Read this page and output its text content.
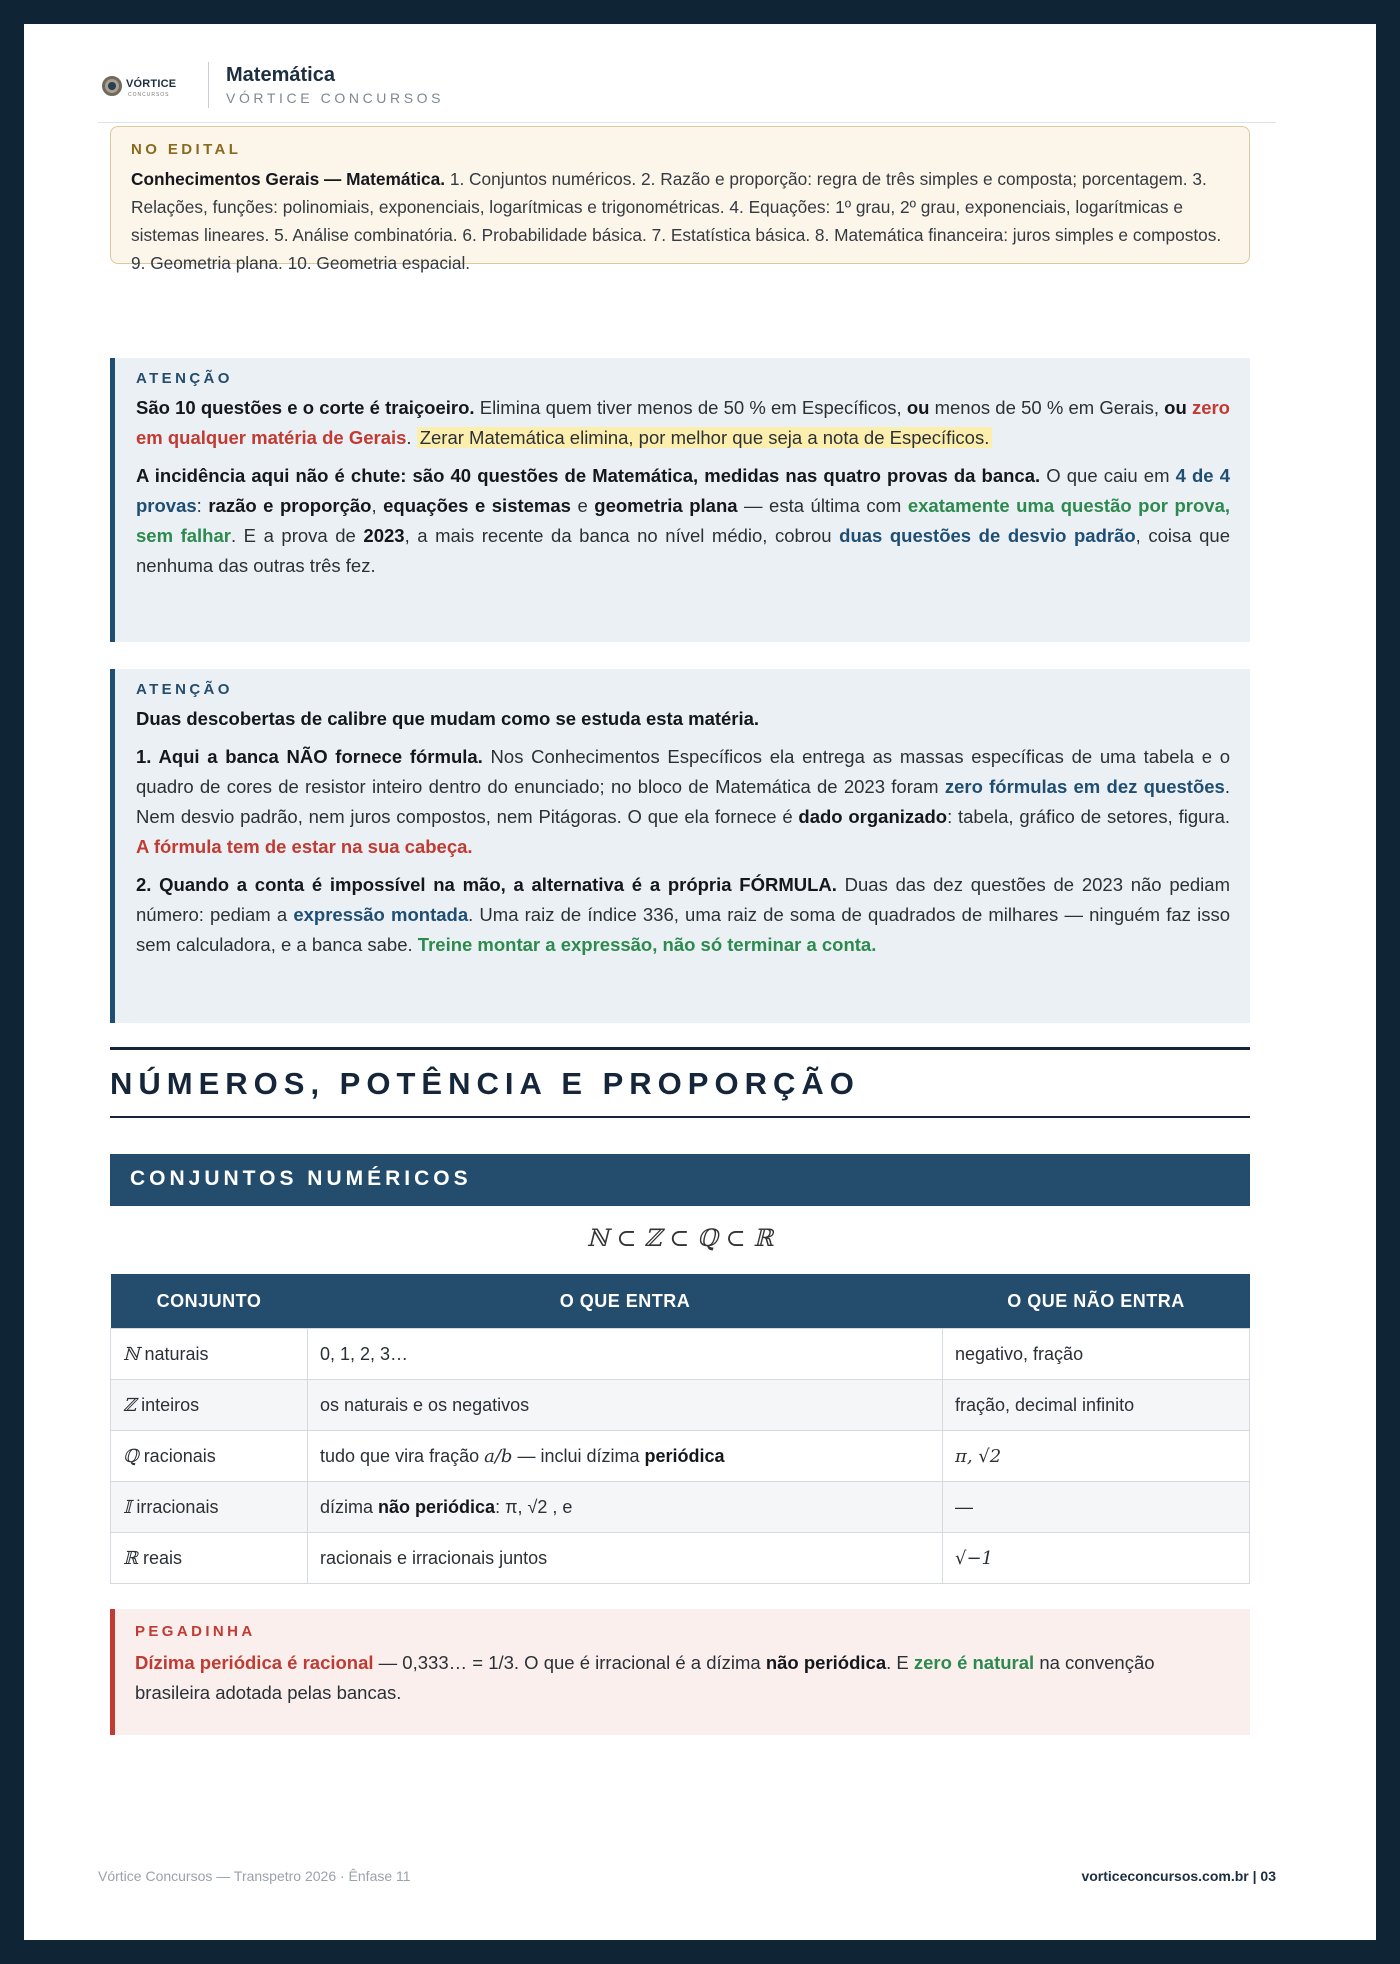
VÓRTICE
CONCURSOS
Matemática
VÓRTICE CONCURSOS
NO EDITAL

Conhecimentos Gerais — Matemática. 1. Conjuntos numéricos. 2. Razão e proporção: regra de três simples e composta; porcentagem. 3. Relações, funções: polinomiais, exponenciais, logarítmicas e trigonométricas. 4. Equações: 1º grau, 2º grau, exponenciais, logarítmicas e sistemas lineares. 5. Análise combinatória. 6. Probabilidade básica. 7. Estatística básica. 8. Matemática financeira: juros simples e compostos. 9. Geometria plana. 10. Geometria espacial.

ATENÇÃO

São 10 questões e o corte é traiçoeiro. Elimina quem tiver menos de 50 % em Específicos, ou menos de 50 % em Gerais, ou zero em qualquer matéria de Gerais. Zerar Matemática elimina, por melhor que seja a nota de Específicos.

A incidência aqui não é chute: são 40 questões de Matemática, medidas nas quatro provas da banca. O que caiu em 4 de 4 provas: razão e proporção, equações e sistemas e geometria plana — esta última com exatamente uma questão por prova, sem falhar. E a prova de 2023, a mais recente da banca no nível médio, cobrou duas questões de desvio padrão, coisa que nenhuma das outras três fez.

ATENÇÃO

Duas descobertas de calibre que mudam como se estuda esta matéria.

1. Aqui a banca NÃO fornece fórmula. Nos Conhecimentos Específicos ela entrega as massas específicas de uma tabela e o quadro de cores de resistor inteiro dentro do enunciado; no bloco de Matemática de 2023 foram zero fórmulas em dez questões. Nem desvio padrão, nem juros compostos, nem Pitágoras. O que ela fornece é dado organizado: tabela, gráfico de setores, figura. A fórmula tem de estar na sua cabeça.

2. Quando a conta é impossível na mão, a alternativa é a própria FÓRMULA. Duas das dez questões de 2023 não pediam número: pediam a expressão montada. Uma raiz de índice 336, uma raiz de soma de quadrados de milhares — ninguém faz isso sem calculadora, e a banca sabe. Treine montar a expressão, não só terminar a conta.

NÚMEROS, POTÊNCIA E PROPORÇÃO
CONJUNTOS NUMÉRICOS
ℕ ⊂ ℤ ⊂ ℚ ⊂ ℝ
CONJUNTO	O QUE ENTRA	O QUE NÃO ENTRA
ℕ naturais	0, 1, 2, 3…	negativo, fração
ℤ inteiros	os naturais e os negativos	fração, decimal infinito
ℚ racionais	tudo que vira fração a/b — inclui dízima periódica	π, √2
𝕀 irracionais	dízima não periódica: π, √2 , e	—
ℝ reais	racionais e irracionais juntos	√−1
PEGADINHA

Dízima periódica é racional — 0,333… = 1/3. O que é irracional é a dízima não periódica. E zero é natural na convenção brasileira adotada pelas bancas.

Vórtice Concursos — Transpetro 2026 · Ênfase 11	vorticeconcursos.com.br | 03
